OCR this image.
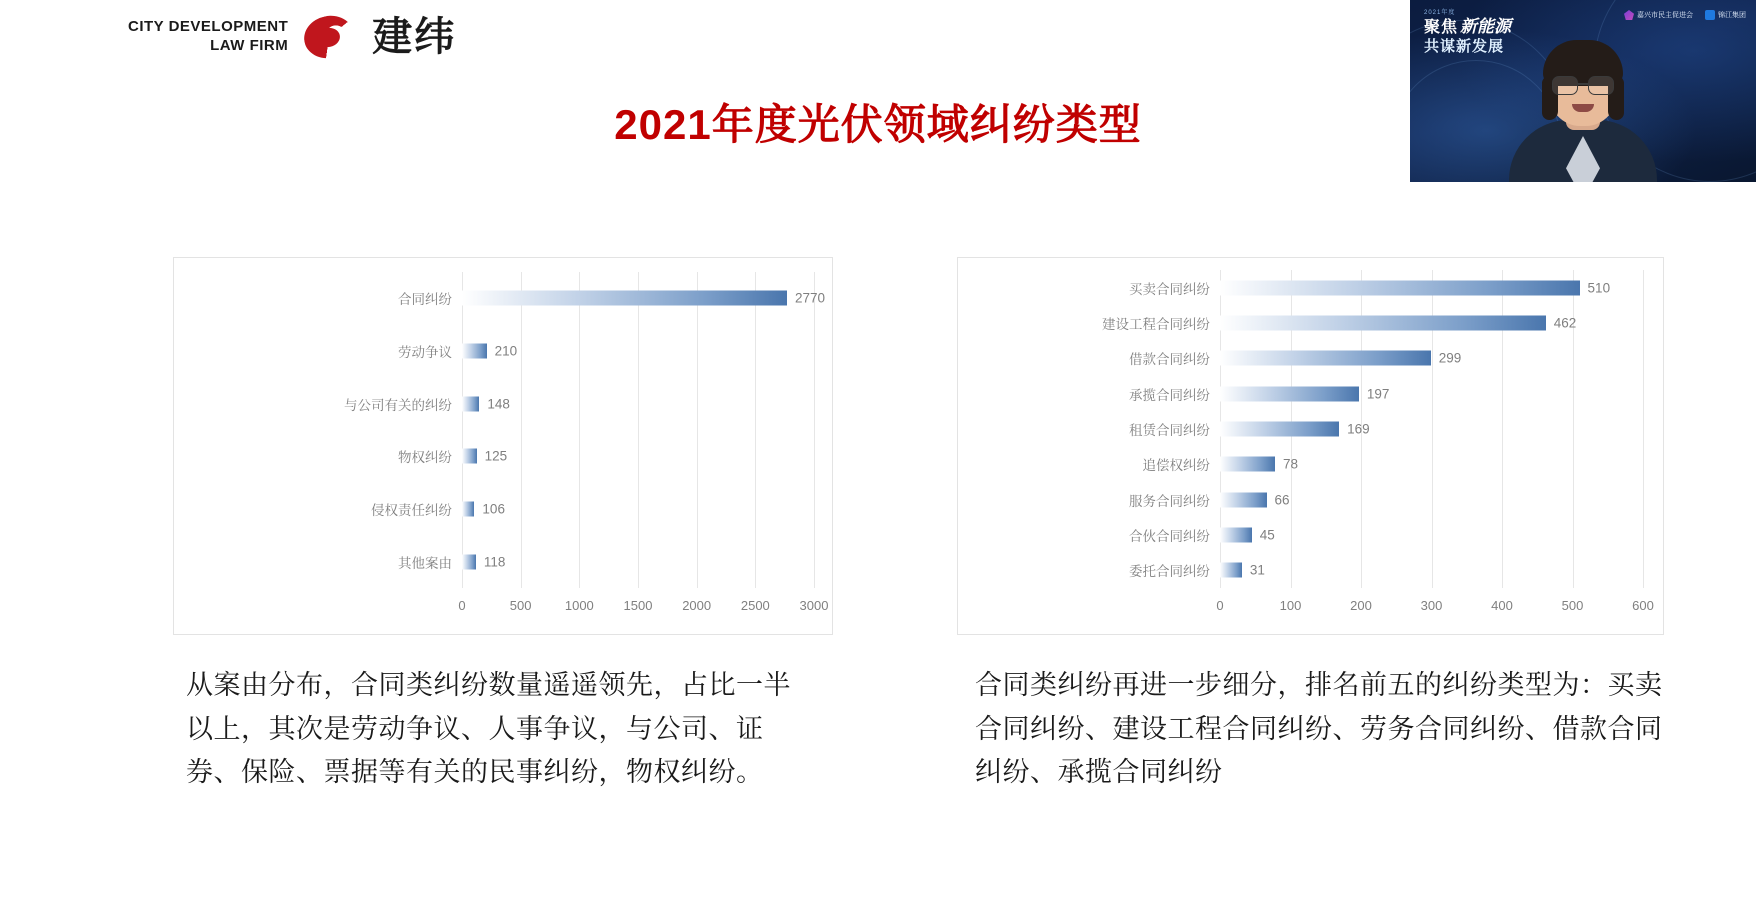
CITY DEVELOPMENT
LAW FIRM 建纬
2021年度
聚焦 新能源
共谋新发展
嘉兴市民主促进会	锦江集团
2021年度光伏领域纠纷类型
0	500	1000 1500 2000 2500 3000
合同纠纷	2770
劳动争议	210
与公司有关的纠纷	148
物权纠纷 125
侵权责任纠纷 106
其他案由 118
0	100	200	300	400	500	600
买卖合同纠纷	510
建设工程合同纠纷	462
借款合同纠纷	299
承揽合同纠纷	197
租赁合同纠纷	169
追偿权纠纷	78
服务合同纠纷	66
合伙合同纠纷	45
委托合同纠纷	31
从案由分布，合同类纠纷数量遥遥领先，占比一半以上，其次是劳动争议、人事争议，与公司、证券、保险、票据等有关的民事纠纷，物权纠纷。
合同类纠纷再进一步细分，排名前五的纠纷类型为：买卖合同纠纷、建设工程合同纠纷、劳务合同纠纷、借款合同纠纷、承揽合同纠纷
